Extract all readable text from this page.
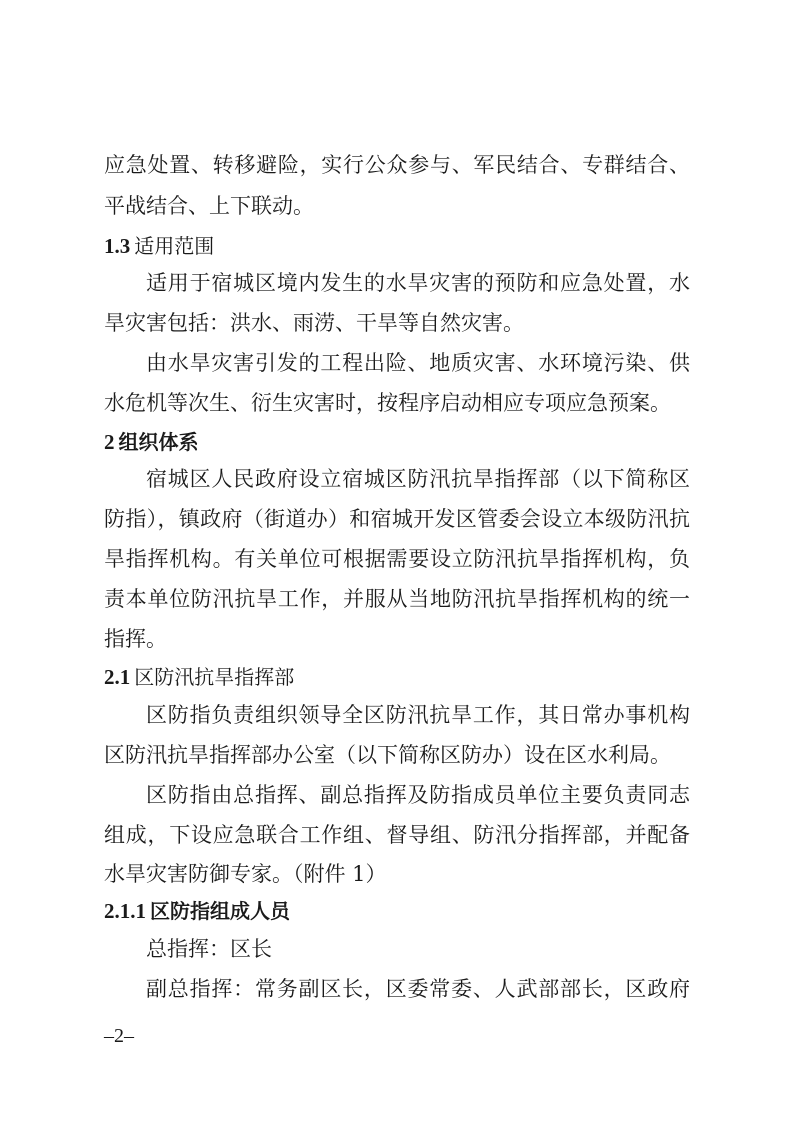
应急处置、转移避险，实行公众参与、军民结合、专群结合、
平战结合、上下联动。
1.3 适用范围
适用于宿城区境内发生的水旱灾害的预防和应急处置，水
旱灾害包括：洪水、雨涝、干旱等自然灾害。
由水旱灾害引发的工程出险、地质灾害、水环境污染、供
水危机等次生、衍生灾害时，按程序启动相应专项应急预案。
2 组织体系
宿城区人民政府设立宿城区防汛抗旱指挥部（以下简称区
防指），镇政府（街道办）和宿城开发区管委会设立本级防汛抗
旱指挥机构。有关单位可根据需要设立防汛抗旱指挥机构，负
责本单位防汛抗旱工作，并服从当地防汛抗旱指挥机构的统一
指挥。
2.1 区防汛抗旱指挥部
区防指负责组织领导全区防汛抗旱工作，其日常办事机构
区防汛抗旱指挥部办公室（以下简称区防办）设在区水利局。
区防指由总指挥、副总指挥及防指成员单位主要负责同志
组成，下设应急联合工作组、督导组、防汛分指挥部，并配备
水旱灾害防御专家。（附件 1）
2.1.1 区防指组成人员
总指挥：区长
副总指挥：常务副区长，区委常委、人武部部长，区政府
–2–
